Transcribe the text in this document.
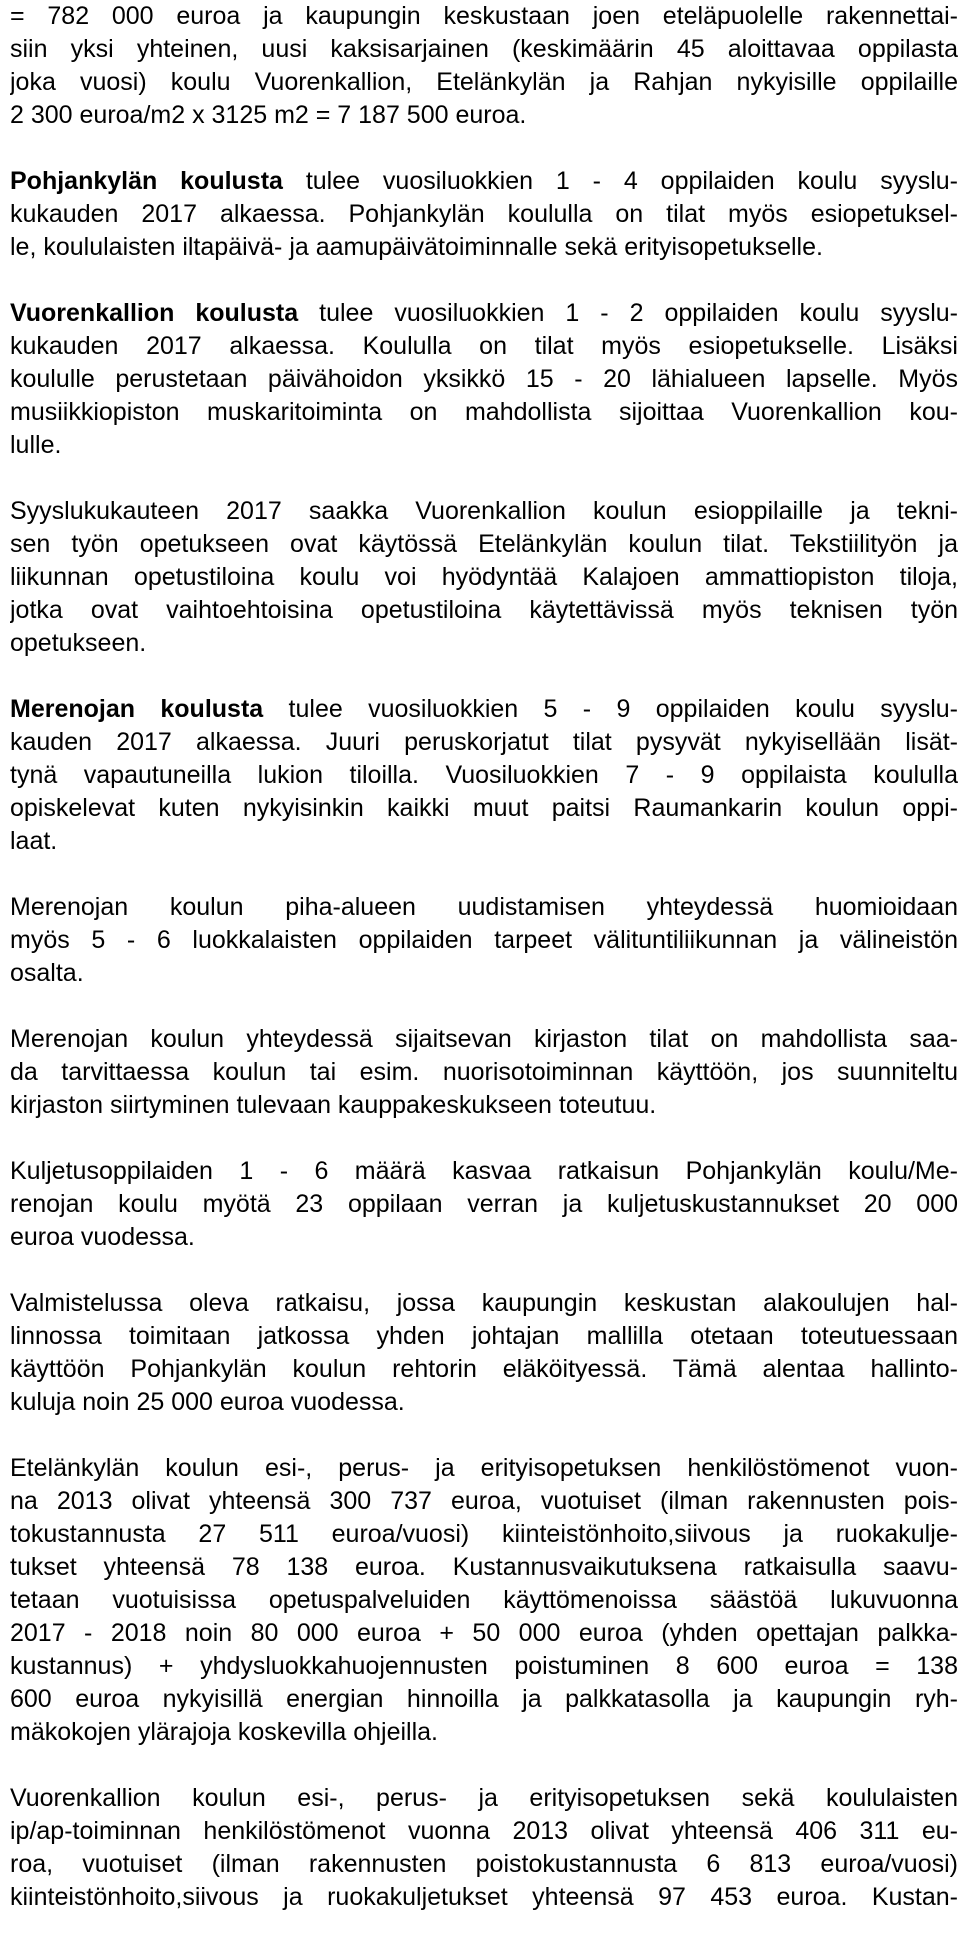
= 782 000 euroa ja kaupungin keskustaan joen eteläpuolelle rakennettai-
siin yksi yhteinen, uusi kaksisarjainen (keskimäärin 45 aloittavaa oppilasta
joka vuosi) koulu Vuorenkallion, Etelänkylän ja Rahjan nykyisille oppilaille
2 300 euroa/m2 x 3125 m2 = 7 187 500 euroa.
Pohjankylän koulusta tulee vuosiluokkien 1 - 4 oppilaiden koulu syyslu-
kukauden 2017 alkaessa. Pohjankylän koululla on tilat myös esiopetuksel-
le, koululaisten iltapäivä- ja aamupäivätoiminnalle sekä erityisopetukselle.
Vuorenkallion koulusta tulee vuosiluokkien 1 - 2 oppilaiden koulu syyslu-
kukauden 2017 alkaessa. Koululla on tilat myös esiopetukselle. Lisäksi
koululle perustetaan päivähoidon yksikkö 15 - 20 lähialueen lapselle. Myös
musiikkiopiston muskaritoiminta on mahdollista sijoittaa Vuorenkallion kou-
lulle.
Syyslukukauteen 2017 saakka Vuorenkallion koulun esioppilaille ja tekni-
sen työn opetukseen ovat käytössä Etelänkylän koulun tilat. Tekstiilityön ja
liikunnan opetustiloina koulu voi hyödyntää Kalajoen ammattiopiston tiloja,
jotka ovat vaihtoehtoisina opetustiloina käytettävissä myös teknisen työn
opetukseen.
Merenojan koulusta tulee vuosiluokkien 5 - 9 oppilaiden koulu syyslu-
kauden 2017 alkaessa. Juuri peruskorjatut tilat pysyvät nykyisellään lisät-
tynä vapautuneilla lukion tiloilla. Vuosiluokkien 7 - 9 oppilaista koululla
opiskelevat kuten nykyisinkin kaikki muut paitsi Raumankarin koulun oppi-
laat.
Merenojan koulun piha-alueen uudistamisen yhteydessä huomioidaan
myös 5 - 6 luokkalaisten oppilaiden tarpeet välituntiliikunnan ja välineistön
osalta.
Merenojan koulun yhteydessä sijaitsevan kirjaston tilat on mahdollista saa-
da tarvittaessa koulun tai esim. nuorisotoiminnan käyttöön, jos suunniteltu
kirjaston siirtyminen tulevaan kauppakeskukseen toteutuu.
Kuljetusoppilaiden 1 - 6 määrä kasvaa ratkaisun Pohjankylän koulu/Me-
renojan koulu myötä 23 oppilaan verran ja kuljetuskustannukset 20 000
euroa vuodessa.
Valmistelussa oleva ratkaisu, jossa kaupungin keskustan alakoulujen hal-
linnossa toimitaan jatkossa yhden johtajan mallilla otetaan toteutuessaan
käyttöön Pohjankylän koulun rehtorin eläköityessä. Tämä alentaa hallinto-
kuluja noin 25 000 euroa vuodessa.
Etelänkylän koulun esi-, perus- ja erityisopetuksen henkilöstömenot vuon-
na 2013 olivat yhteensä 300 737 euroa, vuotuiset (ilman rakennusten pois-
tokustannusta 27 511 euroa/vuosi) kiinteistönhoito,siivous ja ruokakulje-
tukset yhteensä 78 138 euroa. Kustannusvaikutuksena ratkaisulla saavu-
tetaan vuotuisissa opetuspalveluiden käyttömenoissa säästöä lukuvuonna
2017 - 2018 noin 80 000 euroa + 50 000 euroa (yhden opettajan palkka-
kustannus) + yhdysluokkahuojennusten poistuminen 8 600 euroa = 138
600 euroa nykyisillä energian hinnoilla ja palkkatasolla ja kaupungin ryh-
mäkokojen ylärajoja koskevilla ohjeilla.
Vuorenkallion koulun esi-, perus- ja erityisopetuksen sekä koululaisten
ip/ap-toiminnan henkilöstömenot vuonna 2013 olivat yhteensä 406 311 eu-
roa, vuotuiset (ilman rakennusten poistokustannusta 6 813 euroa/vuosi)
kiinteistönhoito,siivous ja ruokakuljetukset yhteensä 97 453 euroa. Kustan-
